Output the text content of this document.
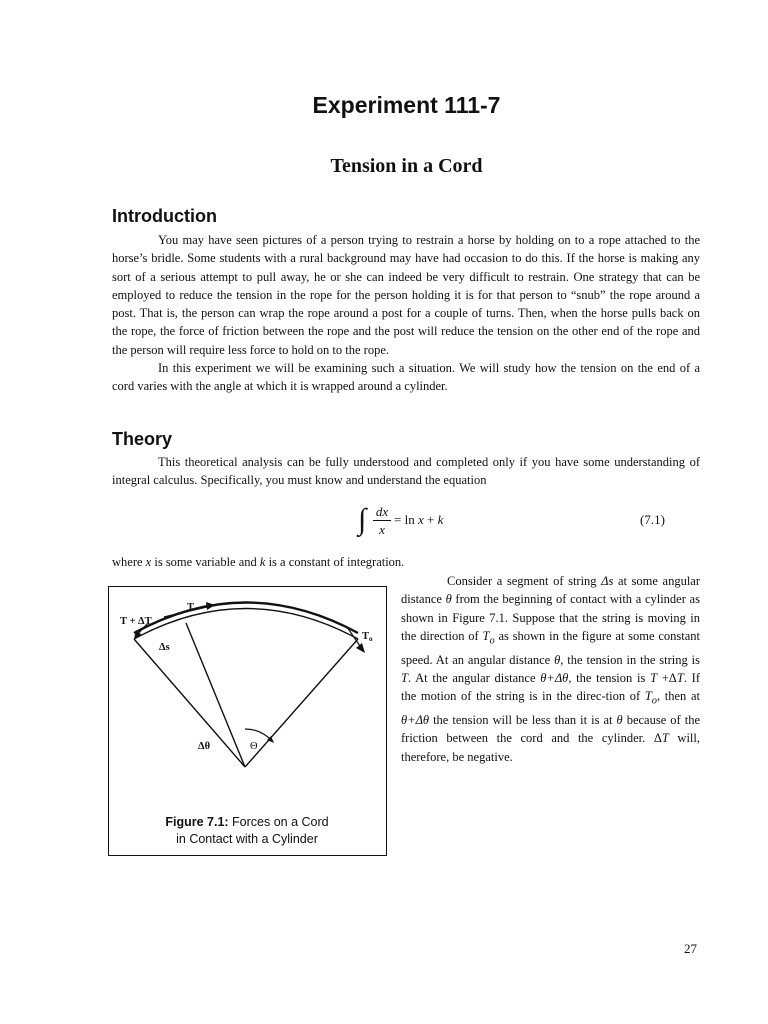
Experiment 111-7
Tension in a Cord
Introduction

You may have seen pictures of a person trying to restrain a horse by holding on to a rope attached to the horse’s bridle. Some students with a rural background may have had occasion to do this. If the horse is making any sort of a serious attempt to pull away, he or she can indeed be very difficult to restrain. One strategy that can be employed to reduce the tension in the rope for the person holding it is for that person to “snub” the rope around a post. That is, the person can wrap the rope around a post for a couple of turns. Then, when the horse pulls back on the rope, the force of friction between the rope and the post will reduce the tension on the other end of the rope and the person will require less force to hold on to the rope.

In this experiment we will be examining such a situation. We will study how the tension on the end of a cord varies with the angle at which it is wrapped around a cylinder.

Theory

This theoretical analysis can be fully understood and completed only if you have some understanding of integral calculus. Specifically, you must know and understand the equation

∫ dx
x
= ln x + k	(7.1)

where x is some variable and k is a constant of integration.

Consider a segment of string Δs at some angular distance θ from the beginning of contact with a cylinder as shown in Figure 7.1. Suppose that the string is moving in the direction of $T_o$ as shown in the figure at some constant speed. At an angular distance θ, the tension in the string is T. At the angular distance θ+Δθ, the tension is T +ΔT. If the motion of the string is in the direc-tion of $T_o$, then at θ+Δθ the tension will be less than it is at θ because of the friction between the cord and the cylinder. ΔT will, therefore, be negative.

T + ΔT
T
To
Δs
Δθ	Θ
Figure 7.1: Forces on a Cord
in Contact with a Cylinder
27
